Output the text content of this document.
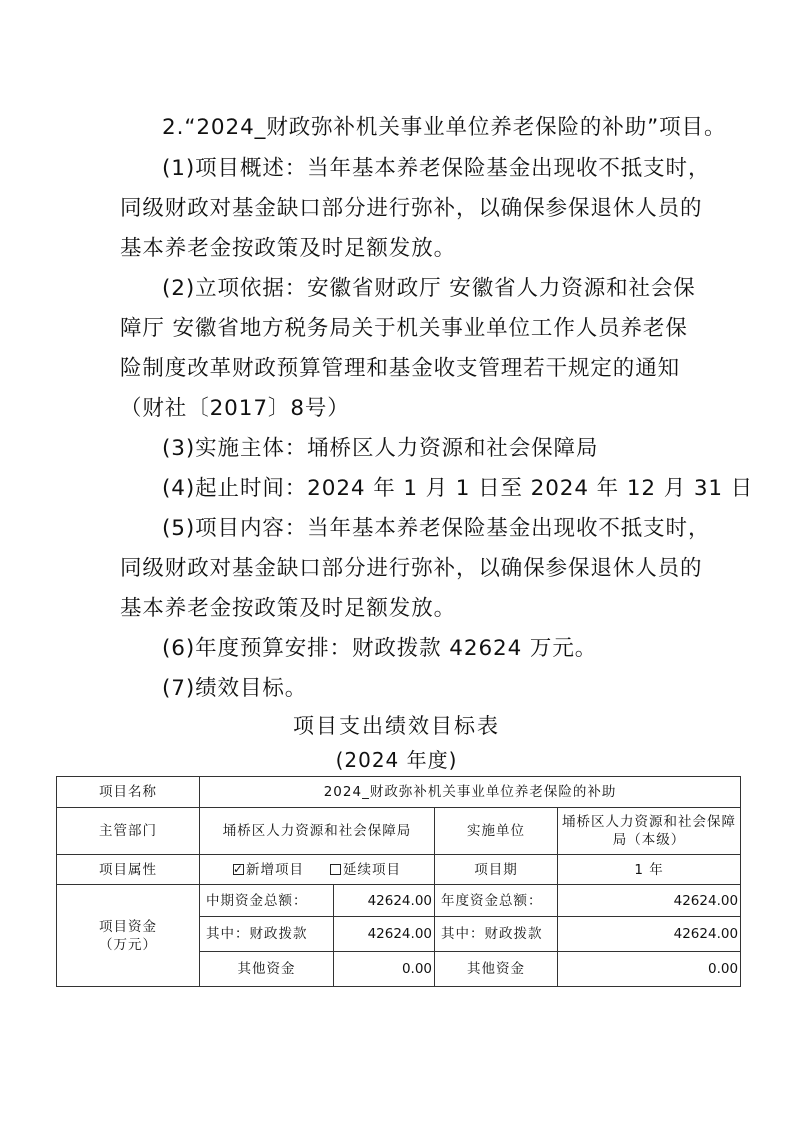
2.“2024_财政弥补机关事业单位养老保险的补助”项目。
(1)项目概述：当年基本养老保险基金出现收不抵支时，
同级财政对基金缺口部分进行弥补，以确保参保退休人员的
基本养老金按政策及时足额发放。
(2)立项依据：安徽省财政厅 安徽省人力资源和社会保
障厅 安徽省地方税务局关于机关事业单位工作人员养老保
险制度改革财政预算管理和基金收支管理若干规定的通知
（财社〔2017〕8号）
(3)实施主体：埇桥区人力资源和社会保障局
(4)起止时间：2024 年 1 月 1 日至 2024 年 12 月 31 日
(5)项目内容：当年基本养老保险基金出现收不抵支时，
同级财政对基金缺口部分进行弥补，以确保参保退休人员的
基本养老金按政策及时足额发放。
(6)年度预算安排：财政拨款 42624 万元。
(7)绩效目标。
项目支出绩效目标表
(2024 年度)
项目名称	2024_财政弥补机关事业单位养老保险的补助			
主管部门	埇桥区人力资源和社会保障局		实施单位	埇桥区人力资源和社会保障局（本级）
项目属性	✓新增项目 延续项目		项目期	1 年

项目资金
（万元）	中期资金总额：	42624.00	年度资金总额：	42624.00
	其中：财政拨款	42624.00	其中：财政拨款	42624.00
	其他资金	0.00	其他资金	0.00
